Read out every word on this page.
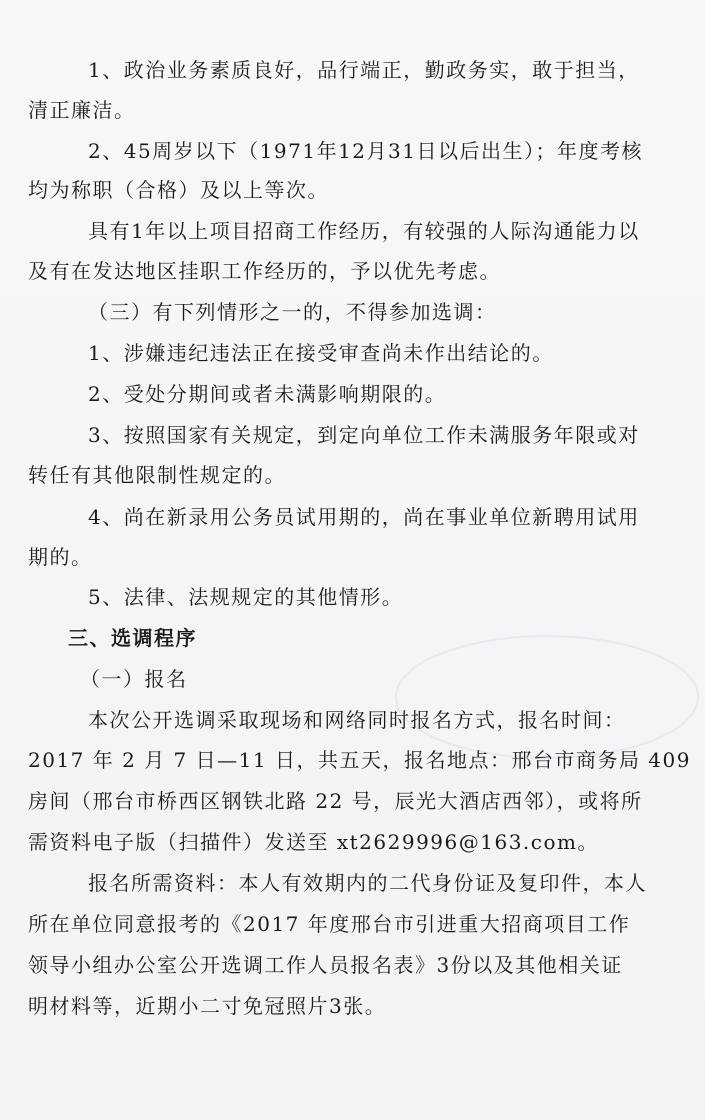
1、政治业务素质良好，品行端正，勤政务实，敢于担当，
清正廉洁。
2、45周岁以下（1971年12月31日以后出生）；年度考核
均为称职（合格）及以上等次。
具有1年以上项目招商工作经历，有较强的人际沟通能力以
及有在发达地区挂职工作经历的，予以优先考虑。
（三）有下列情形之一的，不得参加选调：
1、涉嫌违纪违法正在接受审查尚未作出结论的。
2、受处分期间或者未满影响期限的。
3、按照国家有关规定，到定向单位工作未满服务年限或对
转任有其他限制性规定的。
4、尚在新录用公务员试用期的，尚在事业单位新聘用试用
期的。
5、法律、法规规定的其他情形。
三、选调程序
（一）报名
本次公开选调采取现场和网络同时报名方式，报名时间：
2017 年 2 月 7 日—11 日，共五天，报名地点：邢台市商务局 409
房间（邢台市桥西区钢铁北路 22 号，辰光大酒店西邻），或将所
需资料电子版（扫描件）发送至 xt2629996@163.com。
报名所需资料：本人有效期内的二代身份证及复印件，本人
所在单位同意报考的《2017 年度邢台市引进重大招商项目工作
领导小组办公室公开选调工作人员报名表》3份以及其他相关证
明材料等，近期小二寸免冠照片3张。
